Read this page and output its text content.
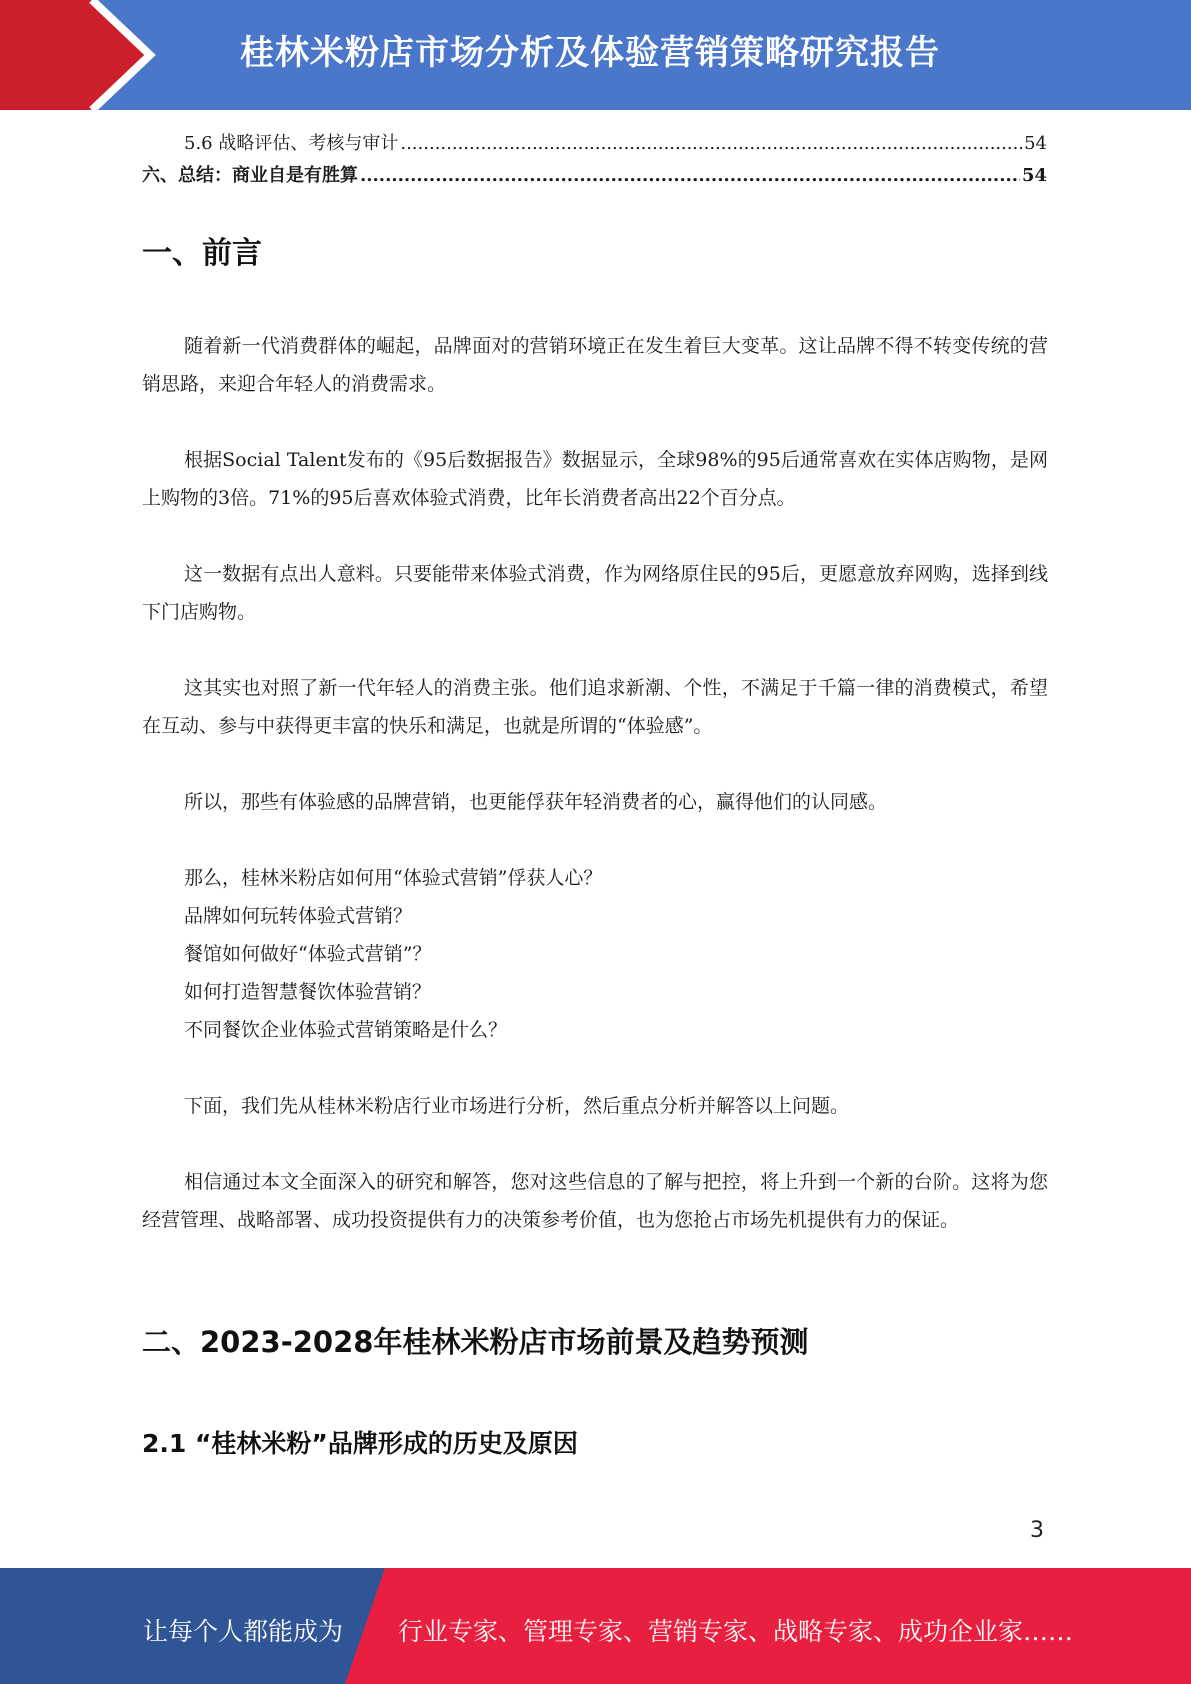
桂林米粉店市场分析及体验营销策略研究报告
5.6 战略评估、考核与审计 .....	54
六、总结：商业自是有胜算 .....	54
一、前言

随着新一代消费群体的崛起，品牌面对的营销环境正在发生着巨大变革。这让品牌不得不转变传统的营销思路，来迎合年轻人的消费需求。

根据Social Talent发布的《95后数据报告》数据显示，全球98%的95后通常喜欢在实体店购物，是网上购物的3倍。71%的95后喜欢体验式消费，比年长消费者高出22个百分点。

这一数据有点出人意料。只要能带来体验式消费，作为网络原住民的95后，更愿意放弃网购，选择到线下门店购物。

这其实也对照了新一代年轻人的消费主张。他们追求新潮、个性，不满足于千篇一律的消费模式，希望在互动、参与中获得更丰富的快乐和满足，也就是所谓的“体验感”。

所以，那些有体验感的品牌营销，也更能俘获年轻消费者的心，赢得他们的认同感。

那么，桂林米粉店如何用“体验式营销”俘获人心？
品牌如何玩转体验式营销？
餐馆如何做好“体验式营销”？
如何打造智慧餐饮体验营销？
不同餐饮企业体验式营销策略是什么？

下面，我们先从桂林米粉店行业市场进行分析，然后重点分析并解答以上问题。

相信通过本文全面深入的研究和解答，您对这些信息的了解与把控，将上升到一个新的台阶。这将为您经营管理、战略部署、成功投资提供有力的决策参考价值，也为您抢占市场先机提供有力的保证。

二、2023-2028年桂林米粉店市场前景及趋势预测
2.1 “桂林米粉”品牌形成的历史及原因
3
让每个人都能成为 行业专家、管理专家、营销专家、战略专家、成功企业家……
